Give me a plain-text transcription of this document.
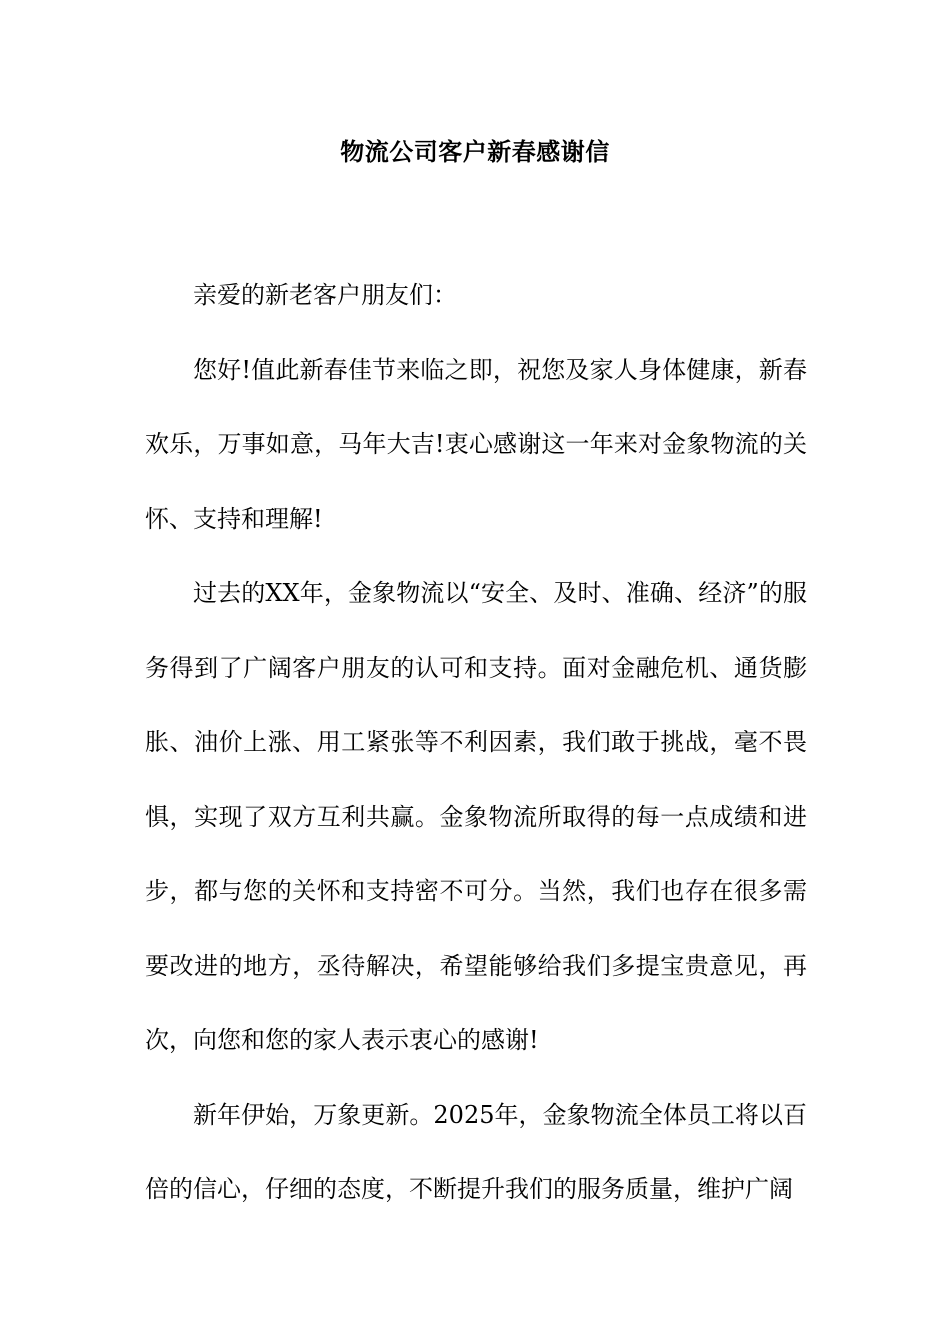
物流公司客户新春感谢信

亲爱的新老客户朋友们：

您好!值此新春佳节来临之即，祝您及家人身体健康，新春欢乐，万事如意，马年大吉!衷心感谢这一年来对金象物流的关怀、支持和理解!

过去的XX年，金象物流以“安全、及时、准确、经济”的服务得到了广阔客户朋友的认可和支持。面对金融危机、通货膨胀、油价上涨、用工紧张等不利因素，我们敢于挑战，毫不畏惧，实现了双方互利共赢。金象物流所取得的每一点成绩和进步，都与您的关怀和支持密不可分。当然，我们也存在很多需要改进的地方，丞待解决，希望能够给我们多提宝贵意见，再次，向您和您的家人表示衷心的感谢!

新年伊始，万象更新。2025年，金象物流全体员工将以百倍的信心，仔细的态度，不断提升我们的服务质量，维护广阔
